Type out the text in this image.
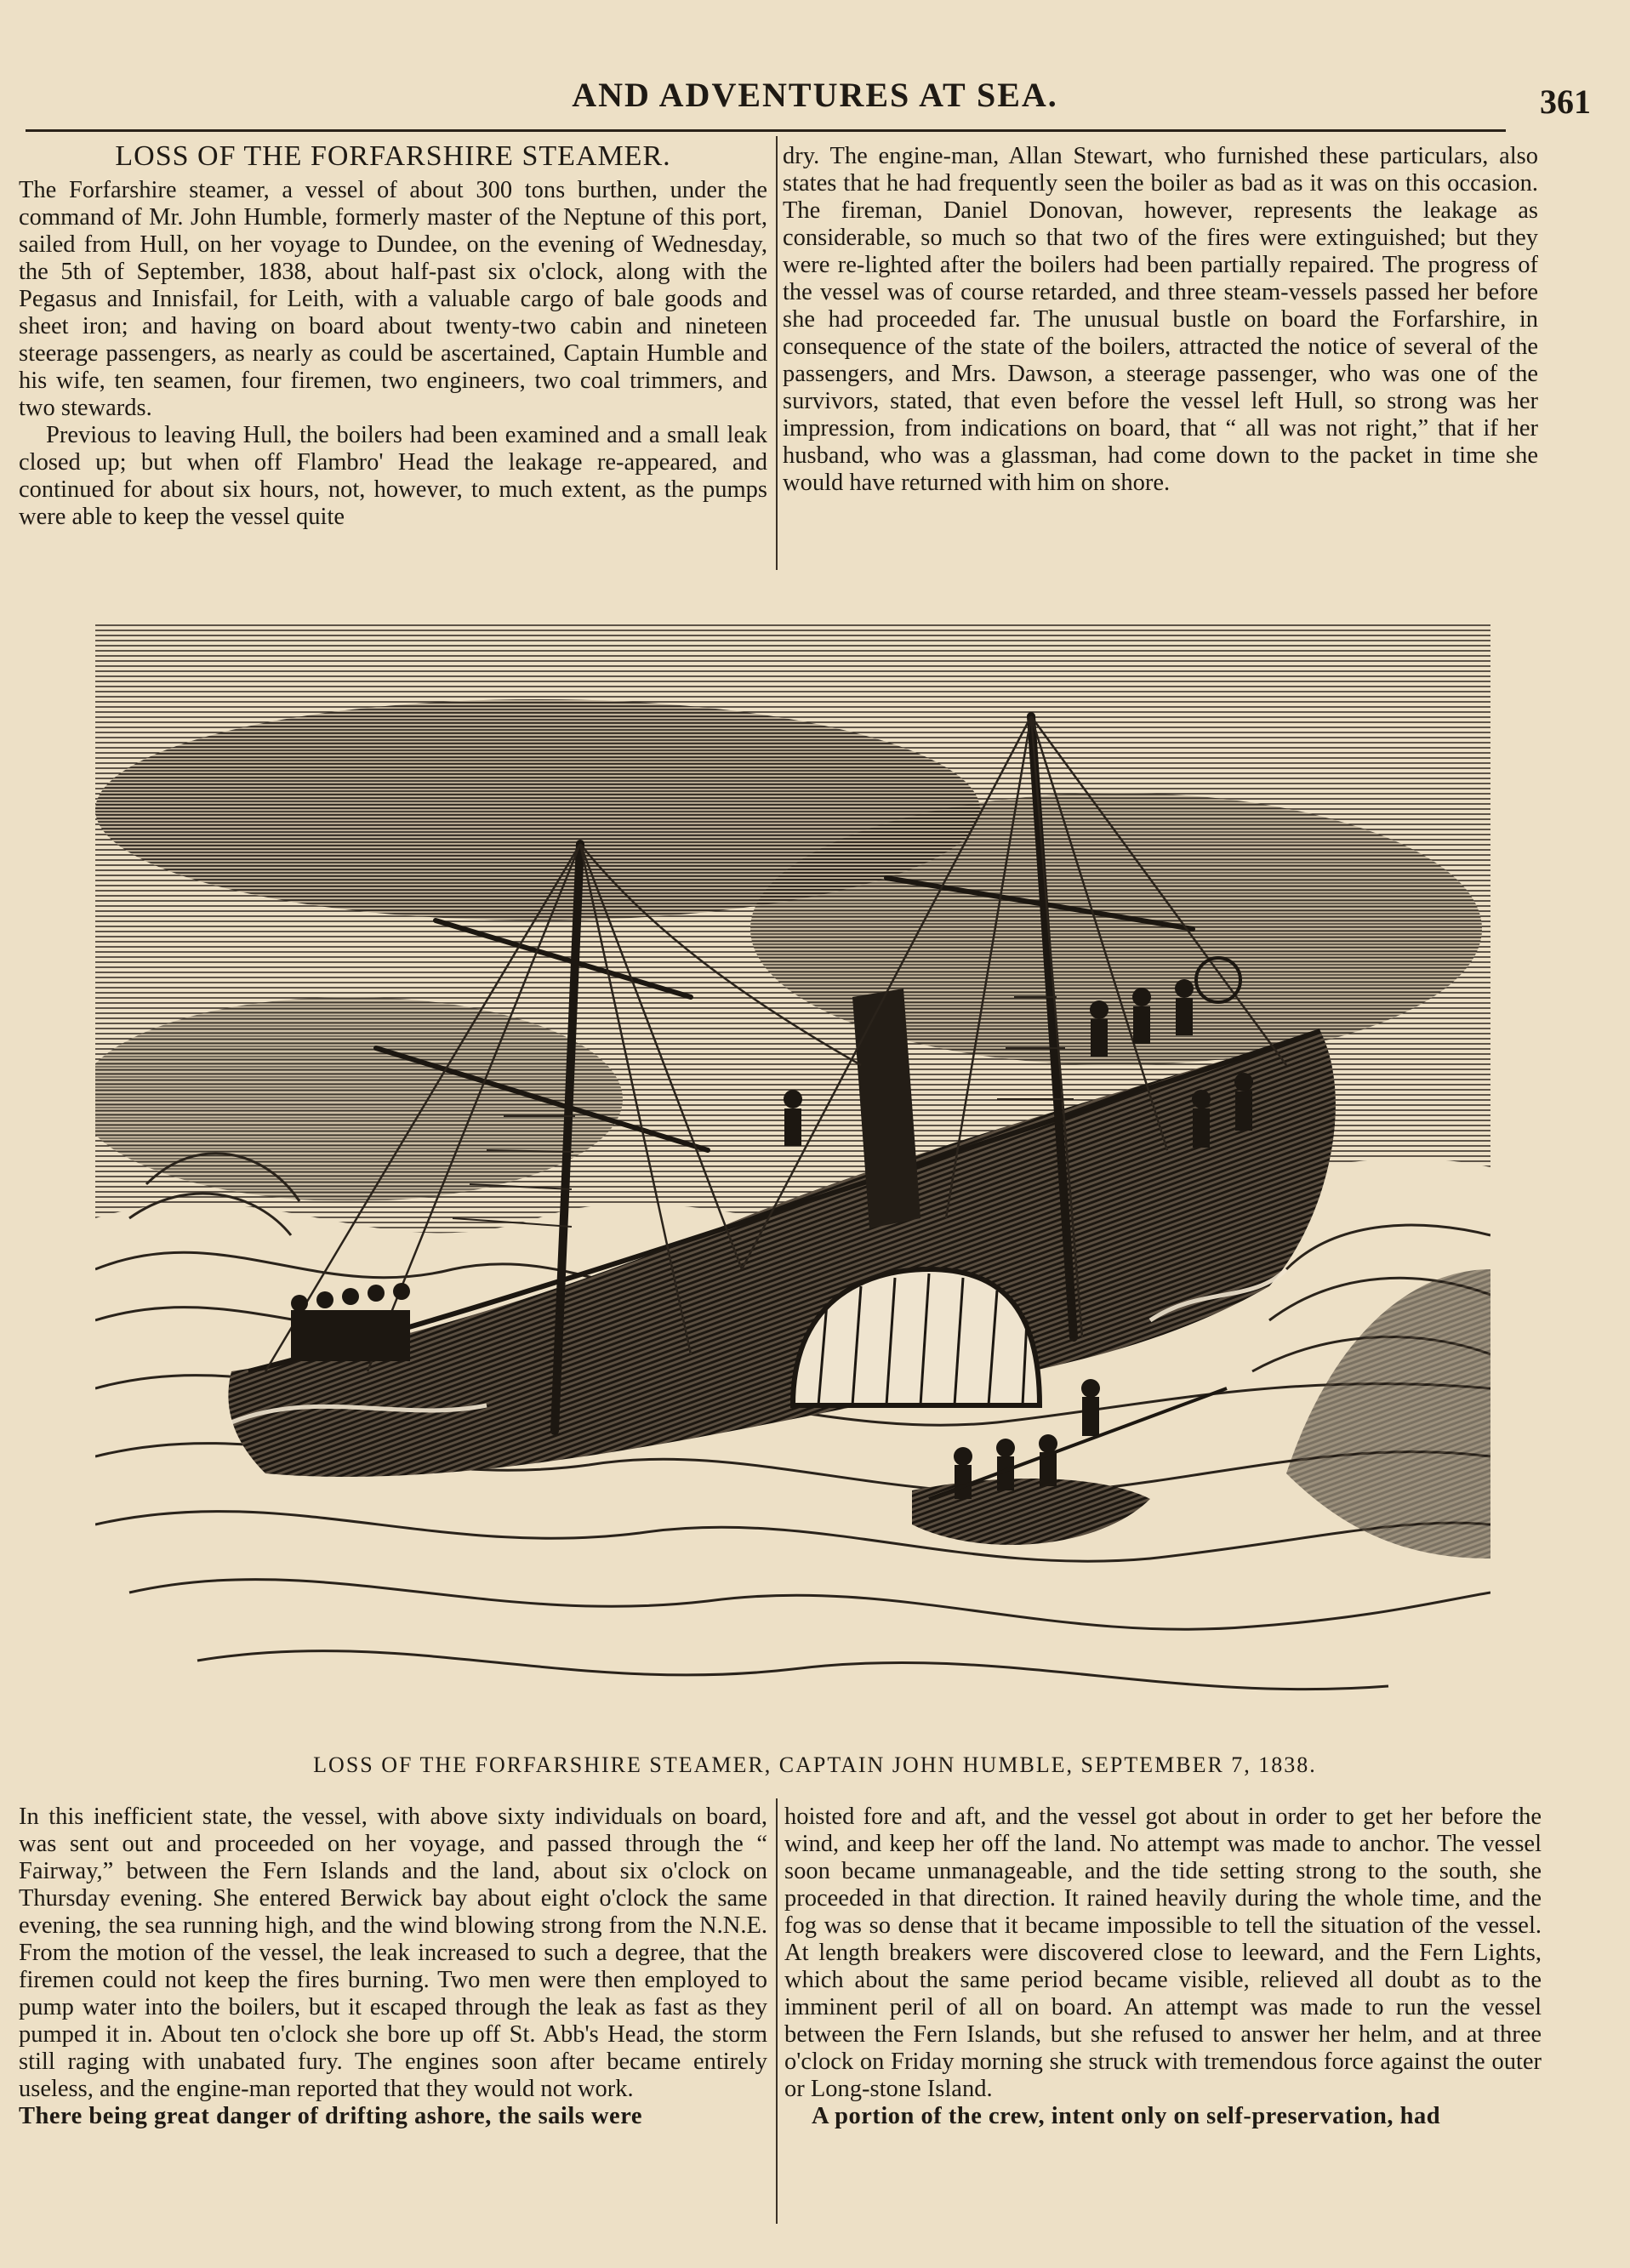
AND ADVENTURES AT SEA.	361
LOSS OF THE FORFARSHIRE STEAMER.

The Forfarshire steamer, a vessel of about 300 tons burthen, under the command of Mr. John Humble, formerly master of the Neptune of this port, sailed from Hull, on her voyage to Dundee, on the evening of Wednesday, the 5th of September, 1838, about half-past six o'clock, along with the Pegasus and Innisfail, for Leith, with a valuable cargo of bale goods and sheet iron; and having on board about twenty-two cabin and nineteen steerage passengers, as nearly as could be ascertained, Captain Humble and his wife, ten seamen, four firemen, two engineers, two coal trimmers, and two stewards.

Previous to leaving Hull, the boilers had been examined and a small leak closed up; but when off Flambro' Head the leakage re-appeared, and continued for about six hours, not, however, to much extent, as the pumps were able to keep the vessel quite

dry. The engine-man, Allan Stewart, who furnished these particulars, also states that he had frequently seen the boiler as bad as it was on this occasion. The fireman, Daniel Donovan, however, represents the leakage as considerable, so much so that two of the fires were extinguished; but they were re-lighted after the boilers had been partially repaired. The progress of the vessel was of course retarded, and three steam-vessels passed her before she had proceeded far. The unusual bustle on board the Forfarshire, in consequence of the state of the boilers, attracted the notice of several of the passengers, and Mrs. Dawson, a steerage passenger, who was one of the survivors, stated, that even before the vessel left Hull, so strong was her impression, from indications on board, that “ all was not right,” that if her husband, who was a glassman, had come down to the packet in time she would have returned with him on shore.

LOSS OF THE FORFARSHIRE STEAMER, CAPTAIN JOHN HUMBLE, SEPTEMBER 7, 1838.

In this inefficient state, the vessel, with above sixty individuals on board, was sent out and proceeded on her voyage, and passed through the “ Fairway,” between the Fern Islands and the land, about six o'clock on Thursday evening. She entered Berwick bay about eight o'clock the same evening, the sea running high, and the wind blowing strong from the N.N.E. From the motion of the vessel, the leak increased to such a degree, that the firemen could not keep the fires burning. Two men were then employed to pump water into the boilers, but it escaped through the leak as fast as they pumped it in. About ten o'clock she bore up off St. Abb's Head, the storm still raging with unabated fury. The engines soon after became entirely useless, and the engine-man reported that they would not work.

There being great danger of drifting ashore, the sails were

hoisted fore and aft, and the vessel got about in order to get her before the wind, and keep her off the land. No attempt was made to anchor. The vessel soon became unmanageable, and the tide setting strong to the south, she proceeded in that direction. It rained heavily during the whole time, and the fog was so dense that it became impossible to tell the situation of the vessel. At length breakers were discovered close to leeward, and the Fern Lights, which about the same period became visible, relieved all doubt as to the imminent peril of all on board. An attempt was made to run the vessel between the Fern Islands, but she refused to answer her helm, and at three o'clock on Friday morning she struck with tremendous force against the outer or Long-stone Island.

A portion of the crew, intent only on self-preservation, had
